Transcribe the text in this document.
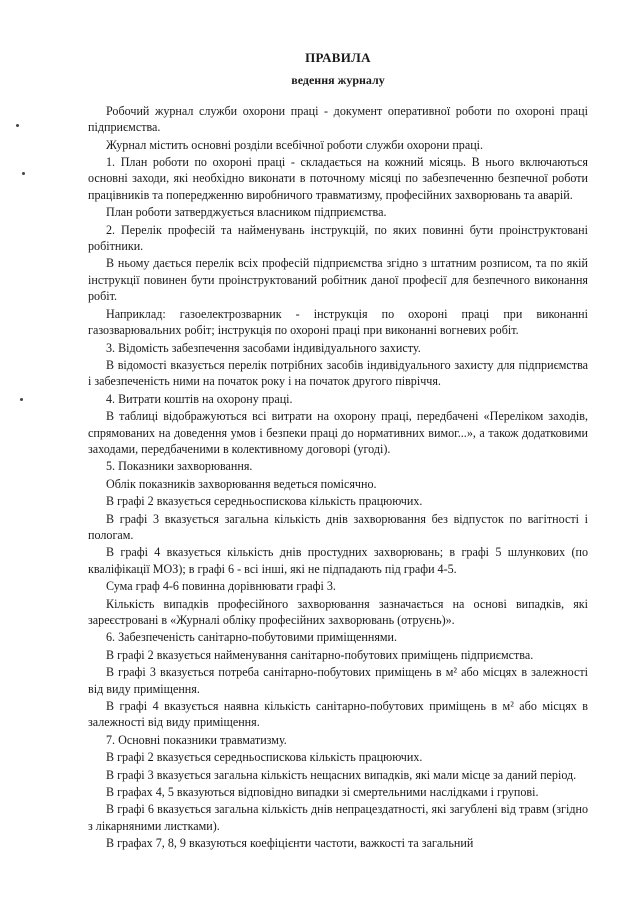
ПРАВИЛА
ведення журналу

Робочий журнал служби охорони праці - документ оперативної роботи по охороні праці підприємства.

Журнал містить основні розділи всебічної роботи служби охорони праці.

1. План роботи по охороні праці - складається на кожний місяць. В нього включаються основні заходи, які необхідно виконати в поточному місяці по забезпеченню безпечної роботи працівників та попередженню виробничого травматизму, професійних захворювань та аварій.

План роботи затверджується власником підприємства.

2. Перелік професій та найменувань інструкцій, по яких повинні бути проінструктовані робітники.

В ньому дається перелік всіх професій підприємства згідно з штатним розписом, та по якій інструкції повинен бути проінструктований робітник даної професії для безпечного виконання робіт.

Наприклад: газоелектрозварник - інструкція по охороні праці при виконанні газозварювальних робіт; інструкція по охороні праці при виконанні вогневих робіт.

3. Відомість забезпечення засобами індивідуального захисту.

В відомості вказується перелік потрібних засобів індивідуального захисту для підприємства і забезпеченість ними на початок року і на початок другого півріччя.

4. Витрати коштів на охорону праці.

В таблиці відображуються всі витрати на охорону праці, передбачені «Переліком заходів, спрямованих на доведення умов і безпеки праці до нормативних вимог...», а також додатковими заходами, передбаченими в колективному договорі (угоді).

5. Показники захворювання.

Облік показників захворювання ведеться помісячно.

В графі 2 вказується середньоспискова кількість працюючих.

В графі 3 вказується загальна кількість днів захворювання без відпусток по вагітності і пологам.

В графі 4 вказується кількість днів простудних захворювань; в графі 5 шлункових (по кваліфікації МОЗ); в графі 6 - всі інші, які не підпадають під графи 4-5.

Сума граф 4-6 повинна дорівнювати графі 3.

Кількість випадків професійного захворювання зазначається на основі випадків, які зареєстровані в «Журналі обліку професійних захворювань (отруєнь)».

6. Забезпеченість санітарно-побутовими приміщеннями.

В графі 2 вказується найменування санітарно-побутових приміщень підприємства.

В графі 3 вказується потреба санітарно-побутових приміщень в м² або місцях в залежності від виду приміщення.

В графі 4 вказується наявна кількість санітарно-побутових приміщень в м² або місцях в залежності від виду приміщення.

7. Основні показники травматизму.

В графі 2 вказується середньоспискова кількість працюючих.

В графі 3 вказується загальна кількість нещасних випадків, які мали місце за даний період.

В графах 4, 5 вказуються відповідно випадки зі смертельними наслідками і групові.

В графі 6 вказується загальна кількість днів непрацездатності, які загублені від травм (згідно з лікарняними листками).

В графах 7, 8, 9 вказуються коефіцієнти частоти, важкості та загальний
